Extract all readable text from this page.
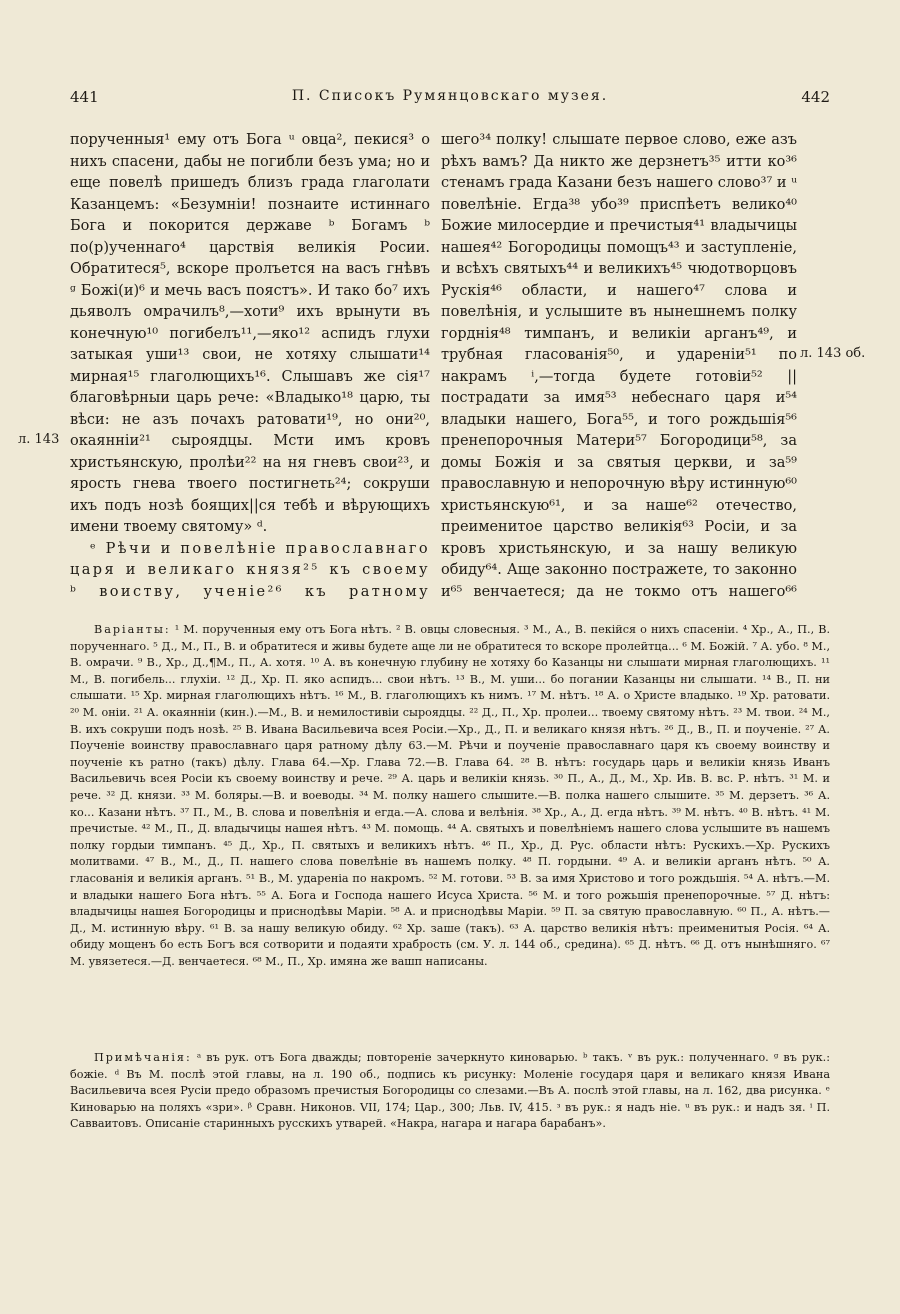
441	П. Списокъ Румянцовскаго музея.	442

порученныя¹ ему отъ Бога ᵘ овца², пекися³ о нихъ спасени, дабы не погибли безъ ума; но и еще повелѣ пришедъ близъ града глаголати Казанцемъ: «Безумніи! познаите истиннаго Бога и покорится державе ᵇ Богамъ ᵇ по(р)ученнаго⁴ царствія великія Росии. Обратитеся⁵, вскоре пролъется на васъ гнѣвъ ᵍ Божі(и)⁶ и мечь васъ поястъ». И тако бо⁷ ихъ дьяволъ омрачилъ⁸,—хоти⁹ ихъ врынути въ конечную¹⁰ погибелъ¹¹,—яко¹² аспидъ глухи затыкая уши¹³ свои, не хотяху слышати¹⁴ мирная¹⁵ глаголющихъ¹⁶. Слышавъ же сія¹⁷ благовѣрныи царь рече: «Владыко¹⁸ царю, ты вѣси: не азъ почахъ ратовати¹⁹, но они²⁰, окаянніи²¹ сыроядцы. Мсти имъ кровъ христьянскую, пролѣи²² на ня гневъ свои²³, и ярость гнева твоего постигнеть²⁴; сокруши ихъ подъ нозѣ боящих||ся тебѣ и вѣрующихъ имени твоему святому» ᵈ.

ᵉ Рѣчи и повелѣніе православнаго царя и великаго князя²⁵ къ своему ᵇ воиству, ученіе²⁶ къ ратному

л. 143

шего³⁴ полку! слышате первое слово, еже азъ рѣхъ вамъ? Да никто же дерзнетъ³⁵ итти ко³⁶ стенамъ града Казани безъ нашего слово³⁷ и ᵘ повелѣніе. Егда³⁸ убо³⁹ приспѣетъ велико⁴⁰ Божие милосердие и пречистыя⁴¹ владычицы нашея⁴² Богородицы помощъ⁴³ и заступленіе, и всѣхъ святыхъ⁴⁴ и великихъ⁴⁵ чюдотворцовъ Рускія⁴⁶ области, и нашего⁴⁷ слова и повелѣнія, и услышите въ нынешнемъ полку горднія⁴⁸ тимпанъ, и великіи арганъ⁴⁹, и трубная гласованія⁵⁰, и удареніи⁵¹ по накрамъ ⁱ,—тогда будете готовіи⁵² || пострадати за имя⁵³ небеснаго царя и⁵⁴ владыки нашего, Бога⁵⁵, и того рождьшія⁵⁶ пренепорочныя Матери⁵⁷ Богородици⁵⁸, за домы Божія и за святыя церкви, и за⁵⁹ православную и непорочную вѣру истинную⁶⁰ христьянскую⁶¹, и за наше⁶² отечество, преименитое царство великія⁶³ Росіи, и за кровъ христьянскую, и за нашу великую обиду⁶⁴. Аще законно постражете, то законно и⁶⁵ венчаетеся; да не токмо отъ нашего⁶⁶

л. 143 об.

Варіанты: ¹ М. порученныя ему отъ Бога нѣтъ. ² В. овцы словесныя. ³ М., А., В. пекійся о нихъ спасеніи. ⁴ Хр., А., П., В. порученнаго. ⁵ Д., М., П., В. и обратитеся и живы будете аще ли не обратитеся то вскоре пролейтца... ⁶ М. Божій. ⁷ А. убо. ⁸ М., В. омрачи. ⁹ В., Хр., Д.,¶М., П., А. хотя. ¹⁰ А. въ конечную глубину не хотяху бо Казанцы ни слышати мирная глаголющихъ. ¹¹ М., В. погибель... глухіи. ¹² Д., Хр. П. яко аспидъ... свои нѣтъ. ¹³ В., М. уши... бо погании Казанцы ни слышати. ¹⁴ В., П. ни слышати. ¹⁵ Хр. мирная глаголющихъ нѣтъ. ¹⁶ М., В. глаголющихъ къ нимъ. ¹⁷ М. нѣтъ. ¹⁸ А. о Христе владыко. ¹⁹ Хр. ратовати. ²⁰ М. оніи. ²¹ А. окаянніи (кин.).—М., В. и немилостивіи сыроядцы. ²² Д., П., Хр. пролеи... твоему святому нѣтъ. ²³ М. твои. ²⁴ М., В. ихъ сокруши подъ нозѣ. ²⁵ В. Ивана Васильевича всея Росіи.—Хр., Д., П. и великаго князя нѣтъ. ²⁶ Д., В., П. и поученіе. ²⁷ А. Поученіе воинству православнаго царя ратному дѣлу 63.—М. Рѣчи и поученіе православнаго царя къ своему воинству и поученіе къ ратно (такъ) дѣлу. Глава 64.—Хр. Глава 72.—В. Глава 64. ²⁸ В. нѣтъ: государь царь и великіи князь Иванъ Васильевичь всея Росіи къ своему воинству и рече. ²⁹ А. царь и великіи князь. ³⁰ П., А., Д., М., Хр. Ив. В. вс. Р. нѣтъ. ³¹ М. и рече. ³² Д. князи. ³³ М. боляры.—В. и воеводы. ³⁴ М. полку нашего слышите.—В. полка нашего слышите. ³⁵ М. дерзетъ. ³⁶ А. ко... Казани нѣтъ. ³⁷ П., М., В. слова и повелѣнія и егда.—А. слова и велѣнія. ³⁸ Хр., А., Д. егда нѣтъ. ³⁹ М. нѣтъ. ⁴⁰ В. нѣтъ. ⁴¹ М. пречистые. ⁴² М., П., Д. владычицы нашея нѣтъ. ⁴³ М. помощь. ⁴⁴ А. святыхъ и повелѣніемъ нашего слова услышите въ нашемъ полку гордыи тимпанъ. ⁴⁵ Д., Хр., П. святыхъ и великихъ нѣтъ. ⁴⁶ П., Хр., Д. Рус. области нѣтъ: Рускихъ.—Хр. Рускихъ молитвами. ⁴⁷ В., М., Д., П. нашего слова повелѣніе въ нашемъ полку. ⁴⁸ П. гордыни. ⁴⁹ А. и великіи арганъ нѣтъ. ⁵⁰ А. гласованія и великія арганъ. ⁵¹ В., М. удареніа по накромъ. ⁵² М. готови. ⁵³ В. за имя Христово и того рождьшія. ⁵⁴ А. нѣтъ.—М. и владыки нашего Бога нѣтъ. ⁵⁵ А. Бога и Господа нашего Исуса Христа. ⁵⁶ М. и того рожьшія пренепорочные. ⁵⁷ Д. нѣтъ: владычицы нашея Богородицы и приснодѣвы Маріи. ⁵⁸ А. и приснодѣвы Маріи. ⁵⁹ П. за святую православную. ⁶⁰ П., А. нѣтъ.—Д., М. истинную вѣру. ⁶¹ В. за нашу великую обиду. ⁶² Хр. заше (такъ). ⁶³ А. царство великія нѣтъ: преименитыя Росія. ⁶⁴ А. обиду мощенъ бо есть Богъ вся сотворити и подаяти храбрость (см. У. л. 144 об., средина). ⁶⁵ Д. нѣтъ. ⁶⁶ Д. отъ нынѣшняго. ⁶⁷ М. увязетеся.—Д. венчаетеся. ⁶⁸ М., П., Хр. имяна же вашп написаны.

Примѣчанія: ᵃ въ рук. отъ Бога дважды; повтореніе зачеркнуто киноварью. ᵇ такъ. ᵛ въ рук.: полученнаго. ᵍ въ рук.: божіе. ᵈ Въ М. послѣ этой главы, на л. 190 об., подпись къ рисунку: Моленіе государя царя и великаго князя Ивана Васильевича всея Русіи предо образомъ пречистыя Богородицы со слезами.—Въ А. послѣ этой главы, на л. 162, два рисунка. ᵉ Киноварью на поляхъ «зри». ᵝ Сравн. Никонов. VII, 174; Цар., 300; Льв. IV, 415. ᵌ въ рук.: я надъ ніе. ᵘ въ рук.: и надъ зя. ⁱ П. Савваитовъ. Описаніе старинныхъ русскихъ утварей. «Накра, нагара и нагара барабанъ».
